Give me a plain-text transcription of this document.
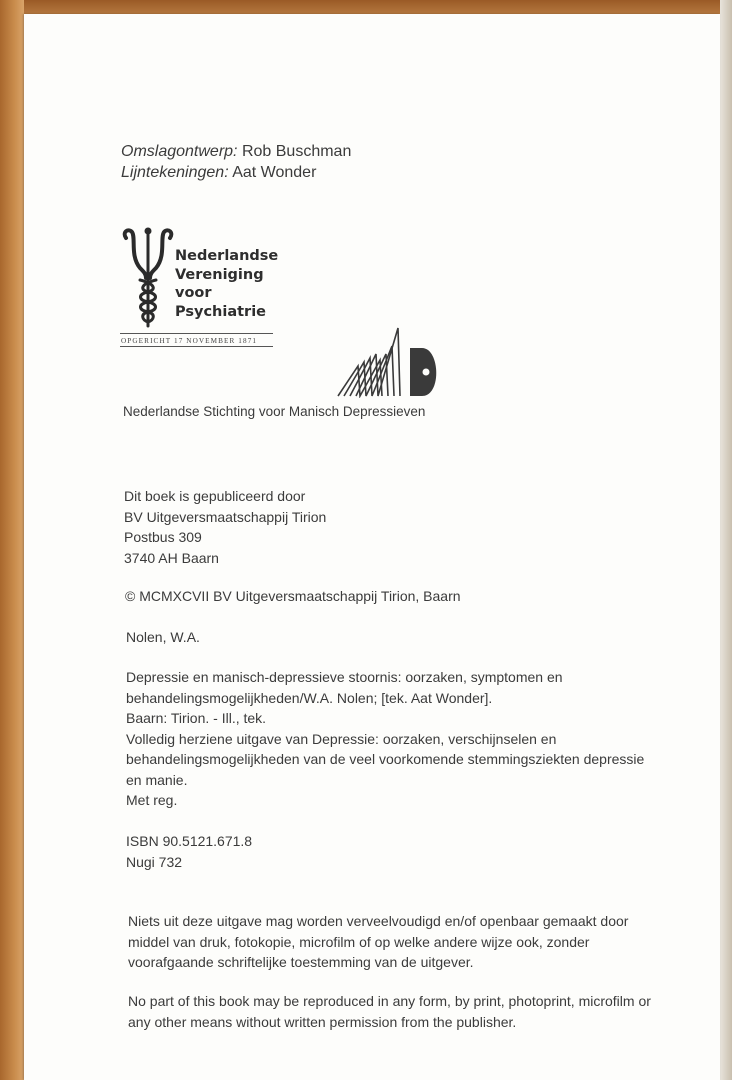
Omslagontwerp: Rob Buschman
Lijntekeningen: Aat Wonder
Nederlandse
Vereniging
voor
Psychiatrie
OPGERICHT 17 NOVEMBER 1871
MD
Nederlandse Stichting voor Manisch Depressieven
Dit boek is gepubliceerd door
BV Uitgeversmaatschappij Tirion
Postbus 309
3740 AH Baarn
© MCMXCVII BV Uitgeversmaatschappij Tirion, Baarn
Nolen, W.A.
Depressie en manisch-depressieve stoornis: oorzaken, symptomen en
behandelingsmogelijkheden/W.A. Nolen; [tek. Aat Wonder].
Baarn: Tirion. - Ill., tek.
Volledig herziene uitgave van Depressie: oorzaken, verschijnselen en
behandelingsmogelijkheden van de veel voorkomende stemmingsziekten depressie
en manie.
Met reg.
ISBN 90.5121.671.8
Nugi 732
Niets uit deze uitgave mag worden verveelvoudigd en/of openbaar gemaakt door
middel van druk, fotokopie, microfilm of op welke andere wijze ook, zonder
voorafgaande schriftelijke toestemming van de uitgever.
No part of this book may be reproduced in any form, by print, photoprint, microfilm or
any other means without written permission from the publisher.
